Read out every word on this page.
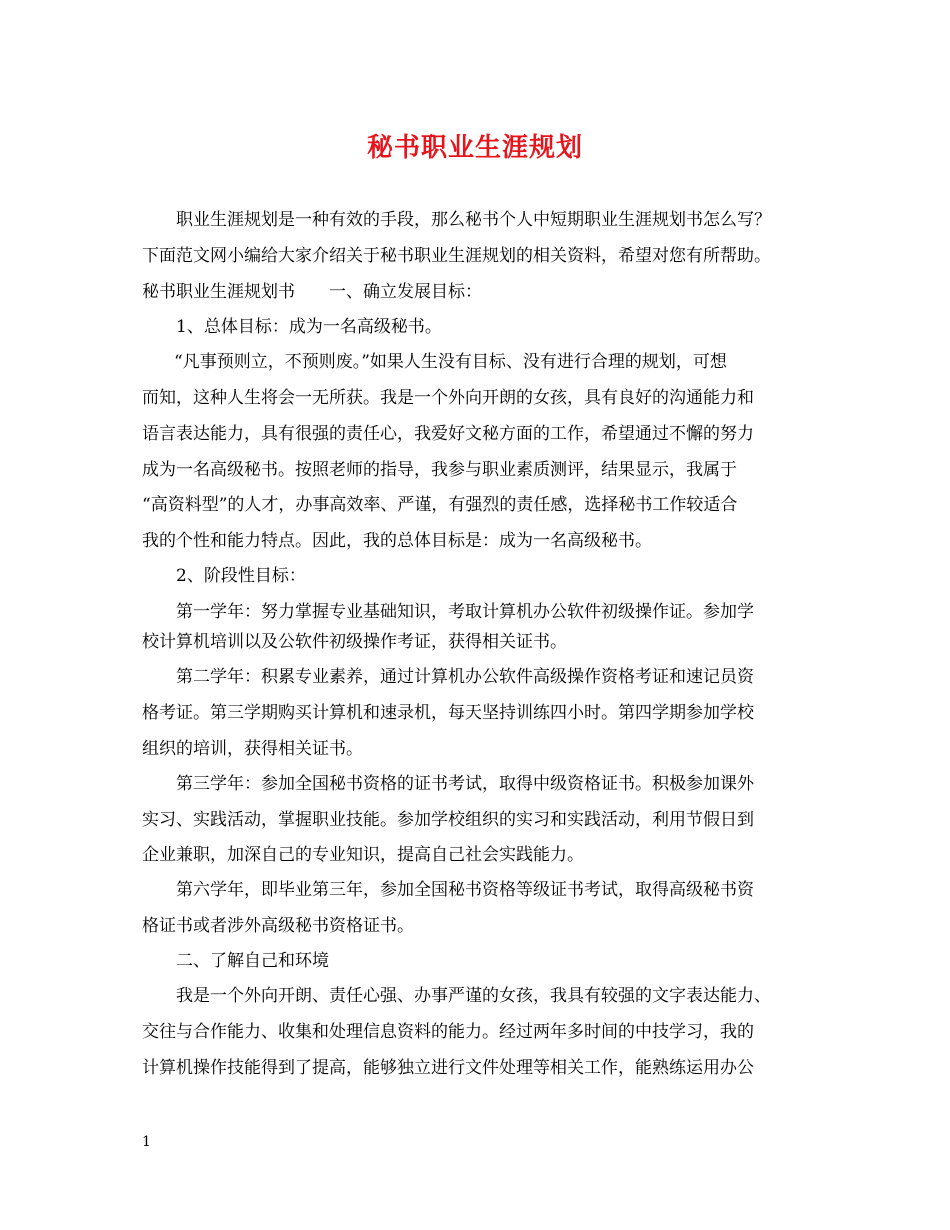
秘书职业生涯规划
职业生涯规划是一种有效的手段，那么秘书个人中短期职业生涯规划书怎么写？
下面范文网小编给大家介绍关于秘书职业生涯规划的相关资料，希望对您有所帮助。
秘书职业生涯规划书　　一、确立发展目标：
1、总体目标：成为一名高级秘书。
“凡事预则立，不预则废。”如果人生没有目标、没有进行合理的规划，可想
而知，这种人生将会一无所获。我是一个外向开朗的女孩，具有良好的沟通能力和
语言表达能力，具有很强的责任心，我爱好文秘方面的工作，希望通过不懈的努力
成为一名高级秘书。按照老师的指导，我参与职业素质测评，结果显示，我属于
“高资料型”的人才，办事高效率、严谨，有强烈的责任感，选择秘书工作较适合
我的个性和能力特点。因此，我的总体目标是：成为一名高级秘书。
2、阶段性目标：
第一学年：努力掌握专业基础知识，考取计算机办公软件初级操作证。参加学
校计算机培训以及公软件初级操作考证，获得相关证书。
第二学年：积累专业素养，通过计算机办公软件高级操作资格考证和速记员资
格考证。第三学期购买计算机和速录机，每天坚持训练四小时。第四学期参加学校
组织的培训，获得相关证书。
第三学年：参加全国秘书资格的证书考试，取得中级资格证书。积极参加课外
实习、实践活动，掌握职业技能。参加学校组织的实习和实践活动，利用节假日到
企业兼职，加深自己的专业知识，提高自己社会实践能力。
第六学年，即毕业第三年，参加全国秘书资格等级证书考试，取得高级秘书资
格证书或者涉外高级秘书资格证书。
二、了解自己和环境
我是一个外向开朗、责任心强、办事严谨的女孩，我具有较强的文字表达能力、
交往与合作能力、收集和处理信息资料的能力。经过两年多时间的中技学习，我的
计算机操作技能得到了提高，能够独立进行文件处理等相关工作，能熟练运用办公
1
